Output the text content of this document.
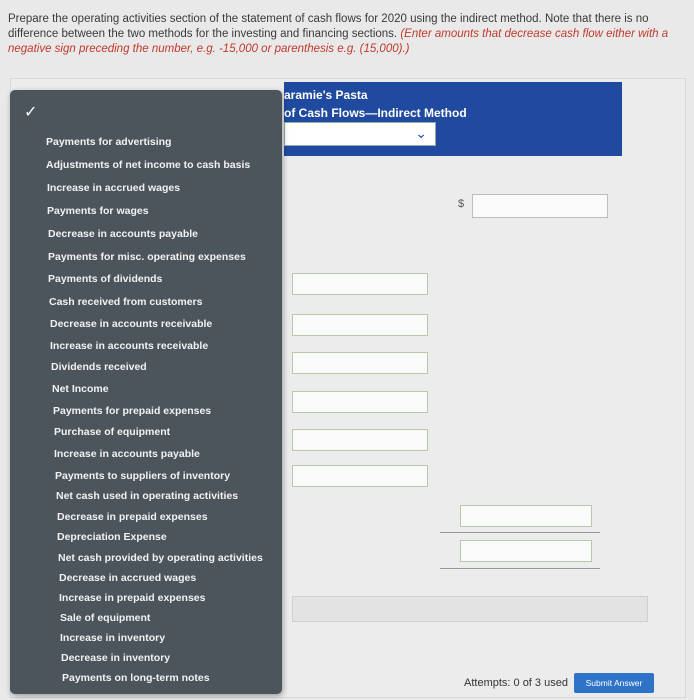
Prepare the operating activities section of the statement of cash flows for 2020 using the indirect method. Note that there is no difference between the two methods for the investing and financing sections. (Enter amounts that decrease cash flow either with a negative sign preceding the number, e.g. -15,000 or parenthesis e.g. (15,000).)
aramie's Pasta
of Cash Flows—Indirect Method
⌄
$
✓
Payments for advertising
Adjustments of net income to cash basis
Increase in accrued wages
Payments for wages
Decrease in accounts payable
Payments for misc. operating expenses
Payments of dividends
Cash received from customers
Decrease in accounts receivable
Increase in accounts receivable
Dividends received
Net Income
Payments for prepaid expenses
Purchase of equipment
Increase in accounts payable
Payments to suppliers of inventory
Net cash used in operating activities
Decrease in prepaid expenses
Depreciation Expense
Net cash provided by operating activities
Decrease in accrued wages
Increase in prepaid expenses
Sale of equipment
Increase in inventory
Decrease in inventory
Payments on long-term notes	Attempts: 0 of 3 used	Submit Answer
